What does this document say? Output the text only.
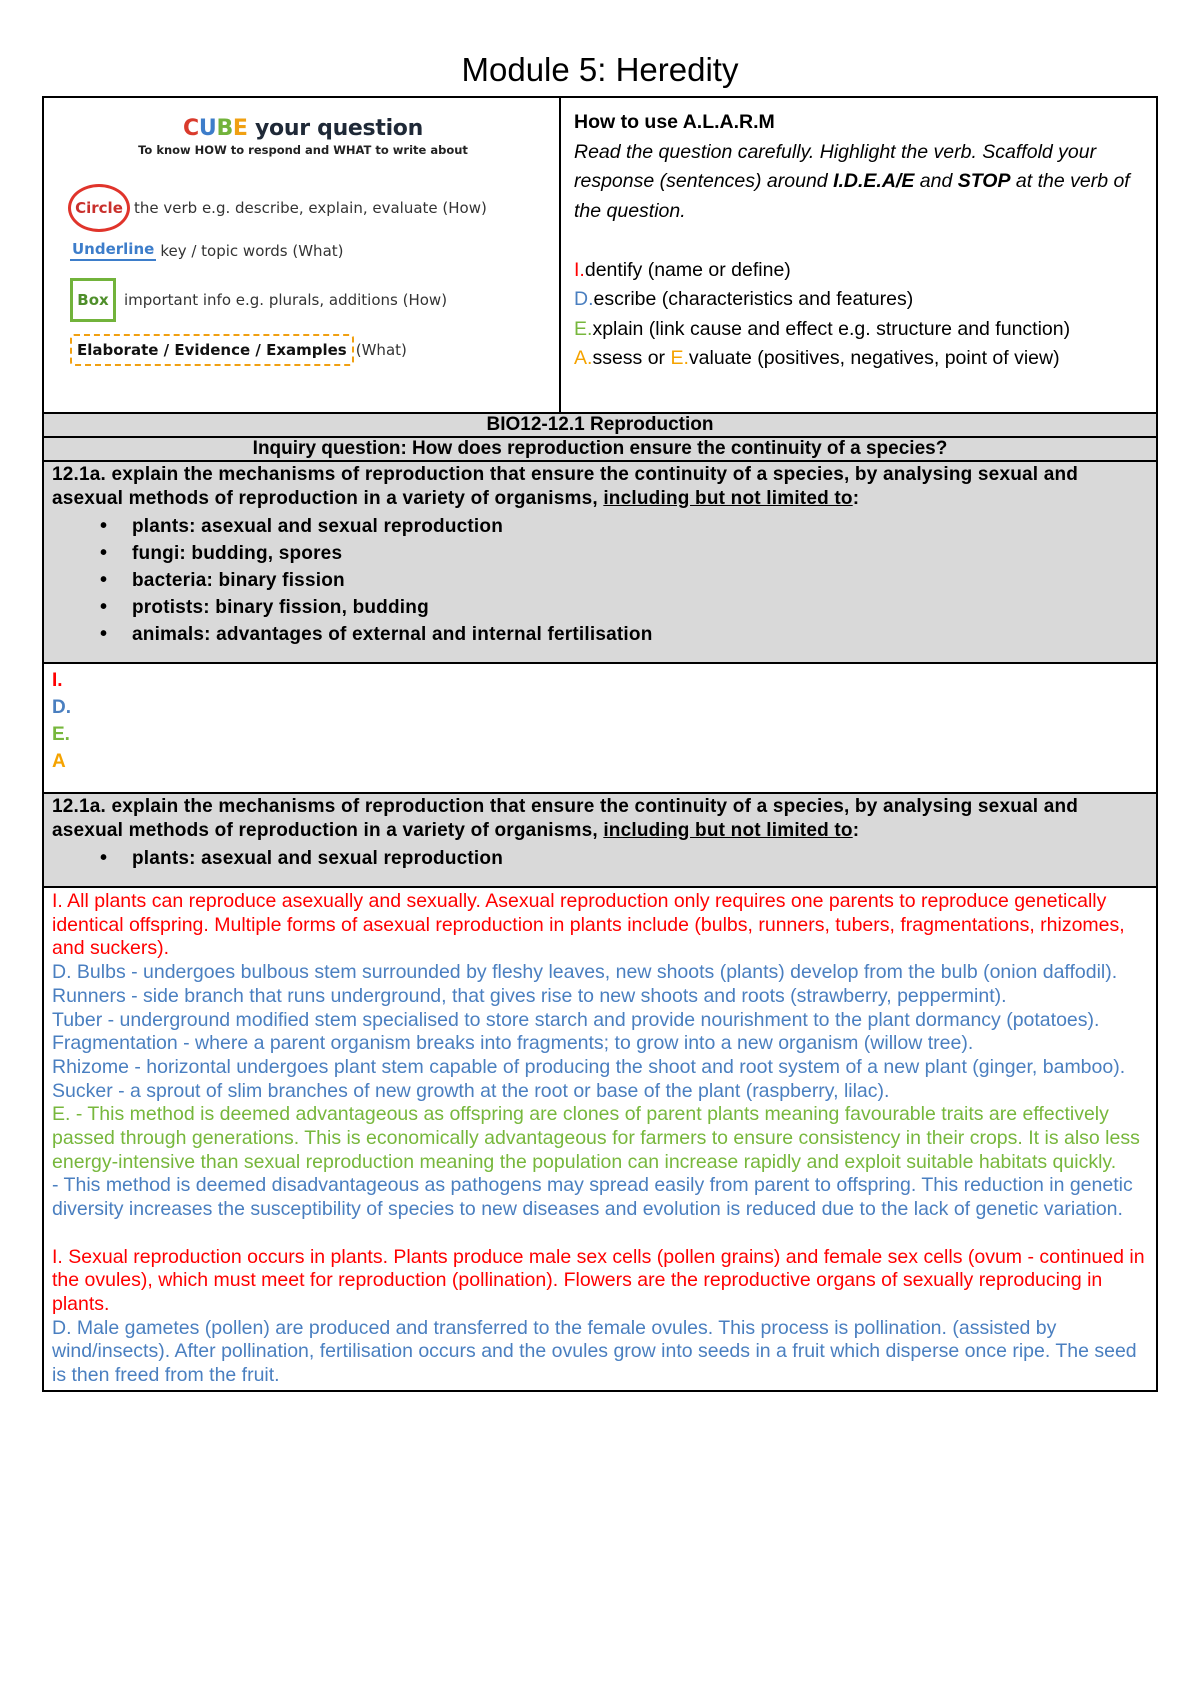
Module 5: Heredity
CUBE your question
To know HOW to respond and WHAT to write about
Circle the verb e.g. describe, explain, evaluate (How)
Underline key / topic words (What)
Box	important info e.g. plurals, additions (How)
Elaborate / Evidence / Examples (What)
How to use A.L.A.R.M
Read the question carefully. Highlight the verb. Scaffold your response (sentences) around I.D.E.A/E and STOP at the verb of the question.
I.dentify (name or define)
D.escribe (characteristics and features)
E.xplain (link cause and effect e.g. structure and function)
A.ssess or E.valuate (positives, negatives, point of view)
BIO12-12.1 Reproduction
Inquiry question: How does reproduction ensure the continuity of a species?
12.1a. explain the mechanisms of reproduction that ensure the continuity of a species, by analysing sexual and asexual methods of reproduction in a variety of organisms, including but not limited to:
• plants: asexual and sexual reproduction
• fungi: budding, spores
• bacteria: binary fission
• protists: binary fission, budding
• animals: advantages of external and internal fertilisation
I.
D.
E.
A
12.1a. explain the mechanisms of reproduction that ensure the continuity of a species, by analysing sexual and asexual methods of reproduction in a variety of organisms, including but not limited to:
• plants: asexual and sexual reproduction

I. All plants can reproduce asexually and sexually. Asexual reproduction only requires one parents to reproduce genetically identical offspring. Multiple forms of asexual reproduction in plants include (bulbs, runners, tubers, fragmentations, rhizomes, and suckers).

D. Bulbs - undergoes bulbous stem surrounded by fleshy leaves, new shoots (plants) develop from the bulb (onion daffodil).

Runners - side branch that runs underground, that gives rise to new shoots and roots (strawberry, peppermint).

Tuber - underground modified stem specialised to store starch and provide nourishment to the plant dormancy (potatoes).

Fragmentation - where a parent organism breaks into fragments; to grow into a new organism (willow tree).

Rhizome - horizontal undergoes plant stem capable of producing the shoot and root system of a new plant (ginger, bamboo).

Sucker - a sprout of slim branches of new growth at the root or base of the plant (raspberry, lilac).

E. - This method is deemed advantageous as offspring are clones of parent plants meaning favourable traits are effectively passed through generations. This is economically advantageous for farmers to ensure consistency in their crops. It is also less energy-intensive than sexual reproduction meaning the population can increase rapidly and exploit suitable habitats quickly.

- This method is deemed disadvantageous as pathogens may spread easily from parent to offspring. This reduction in genetic diversity increases the susceptibility of species to new diseases and evolution is reduced due to the lack of genetic variation.

I. Sexual reproduction occurs in plants. Plants produce male sex cells (pollen grains) and female sex cells (ovum - continued in the ovules), which must meet for reproduction (pollination). Flowers are the reproductive organs of sexually reproducing in plants.

D. Male gametes (pollen) are produced and transferred to the female ovules. This process is pollination. (assisted by wind/insects). After pollination, fertilisation occurs and the ovules grow into seeds in a fruit which disperse once ripe. The seed is then freed from the fruit.
